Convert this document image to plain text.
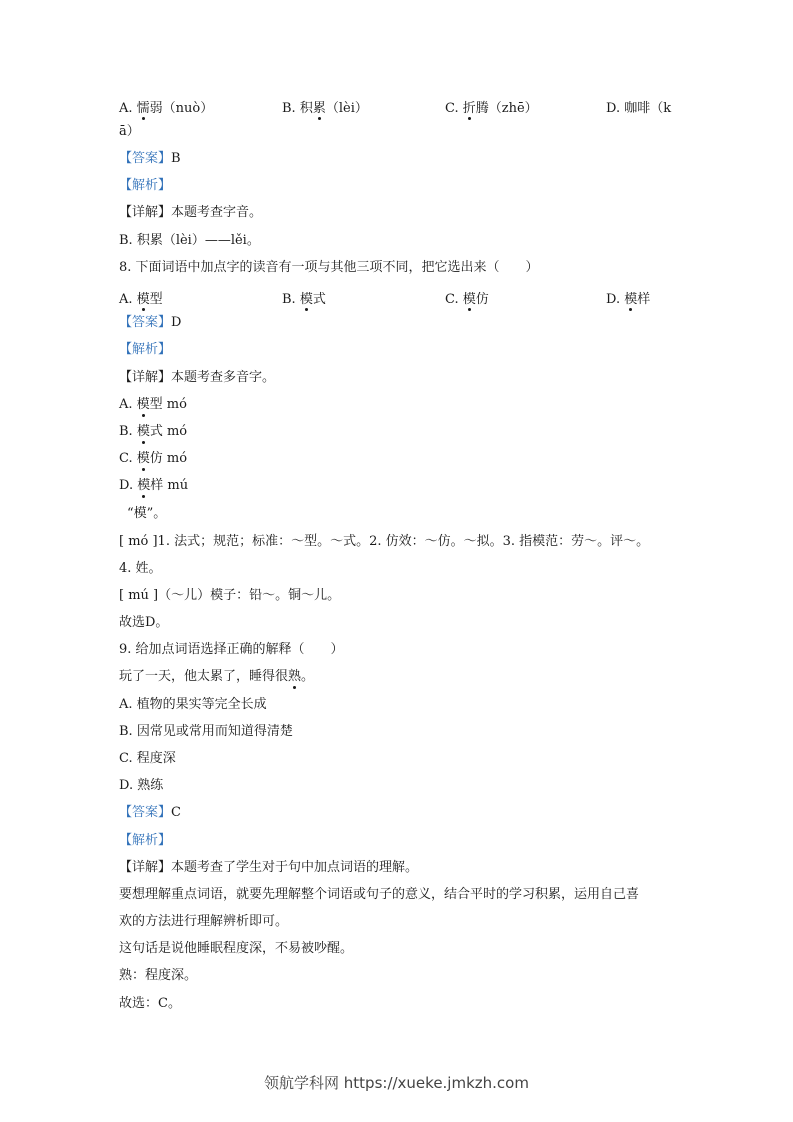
A. 懦弱（nuò）	B. 积累（lèi）	C. 折腾（zhē）	D. 咖啡（k
ā）
【答案】B
【解析】
【详解】本题考查字音。
B. 积累（lèi）——lěi。
8. 下面词语中加点字的读音有一项与其他三项不同，把它选出来（　　）
A. 模型	B. 模式	C. 模仿	D. 模样
【答案】D
【解析】
【详解】本题考查多音字。
A. 模型 mó
B. 模式 mó
C. 模仿 mó
D. 模样 mú
“模”。
[ mó ]1. 法式；规范；标准：～型。～式。2. 仿效：～仿。～拟。3. 指模范：劳～。评～。
4. 姓。
[ mú ]（～儿）模子：铅～。铜～儿。
故选D。
9. 给加点词语选择正确的解释（　　）
玩了一天，他太累了，睡得很熟。
A. 植物的果实等完全长成
B. 因常见或常用而知道得清楚
C. 程度深
D. 熟练
【答案】C
【解析】
【详解】本题考查了学生对于句中加点词语的理解。
要想理解重点词语，就要先理解整个词语或句子的意义，结合平时的学习积累，运用自己喜
欢的方法进行理解辨析即可。
这句话是说他睡眠程度深，不易被吵醒。
熟：程度深。
故选：C。
领航学科网 https://xueke.jmkzh.com
